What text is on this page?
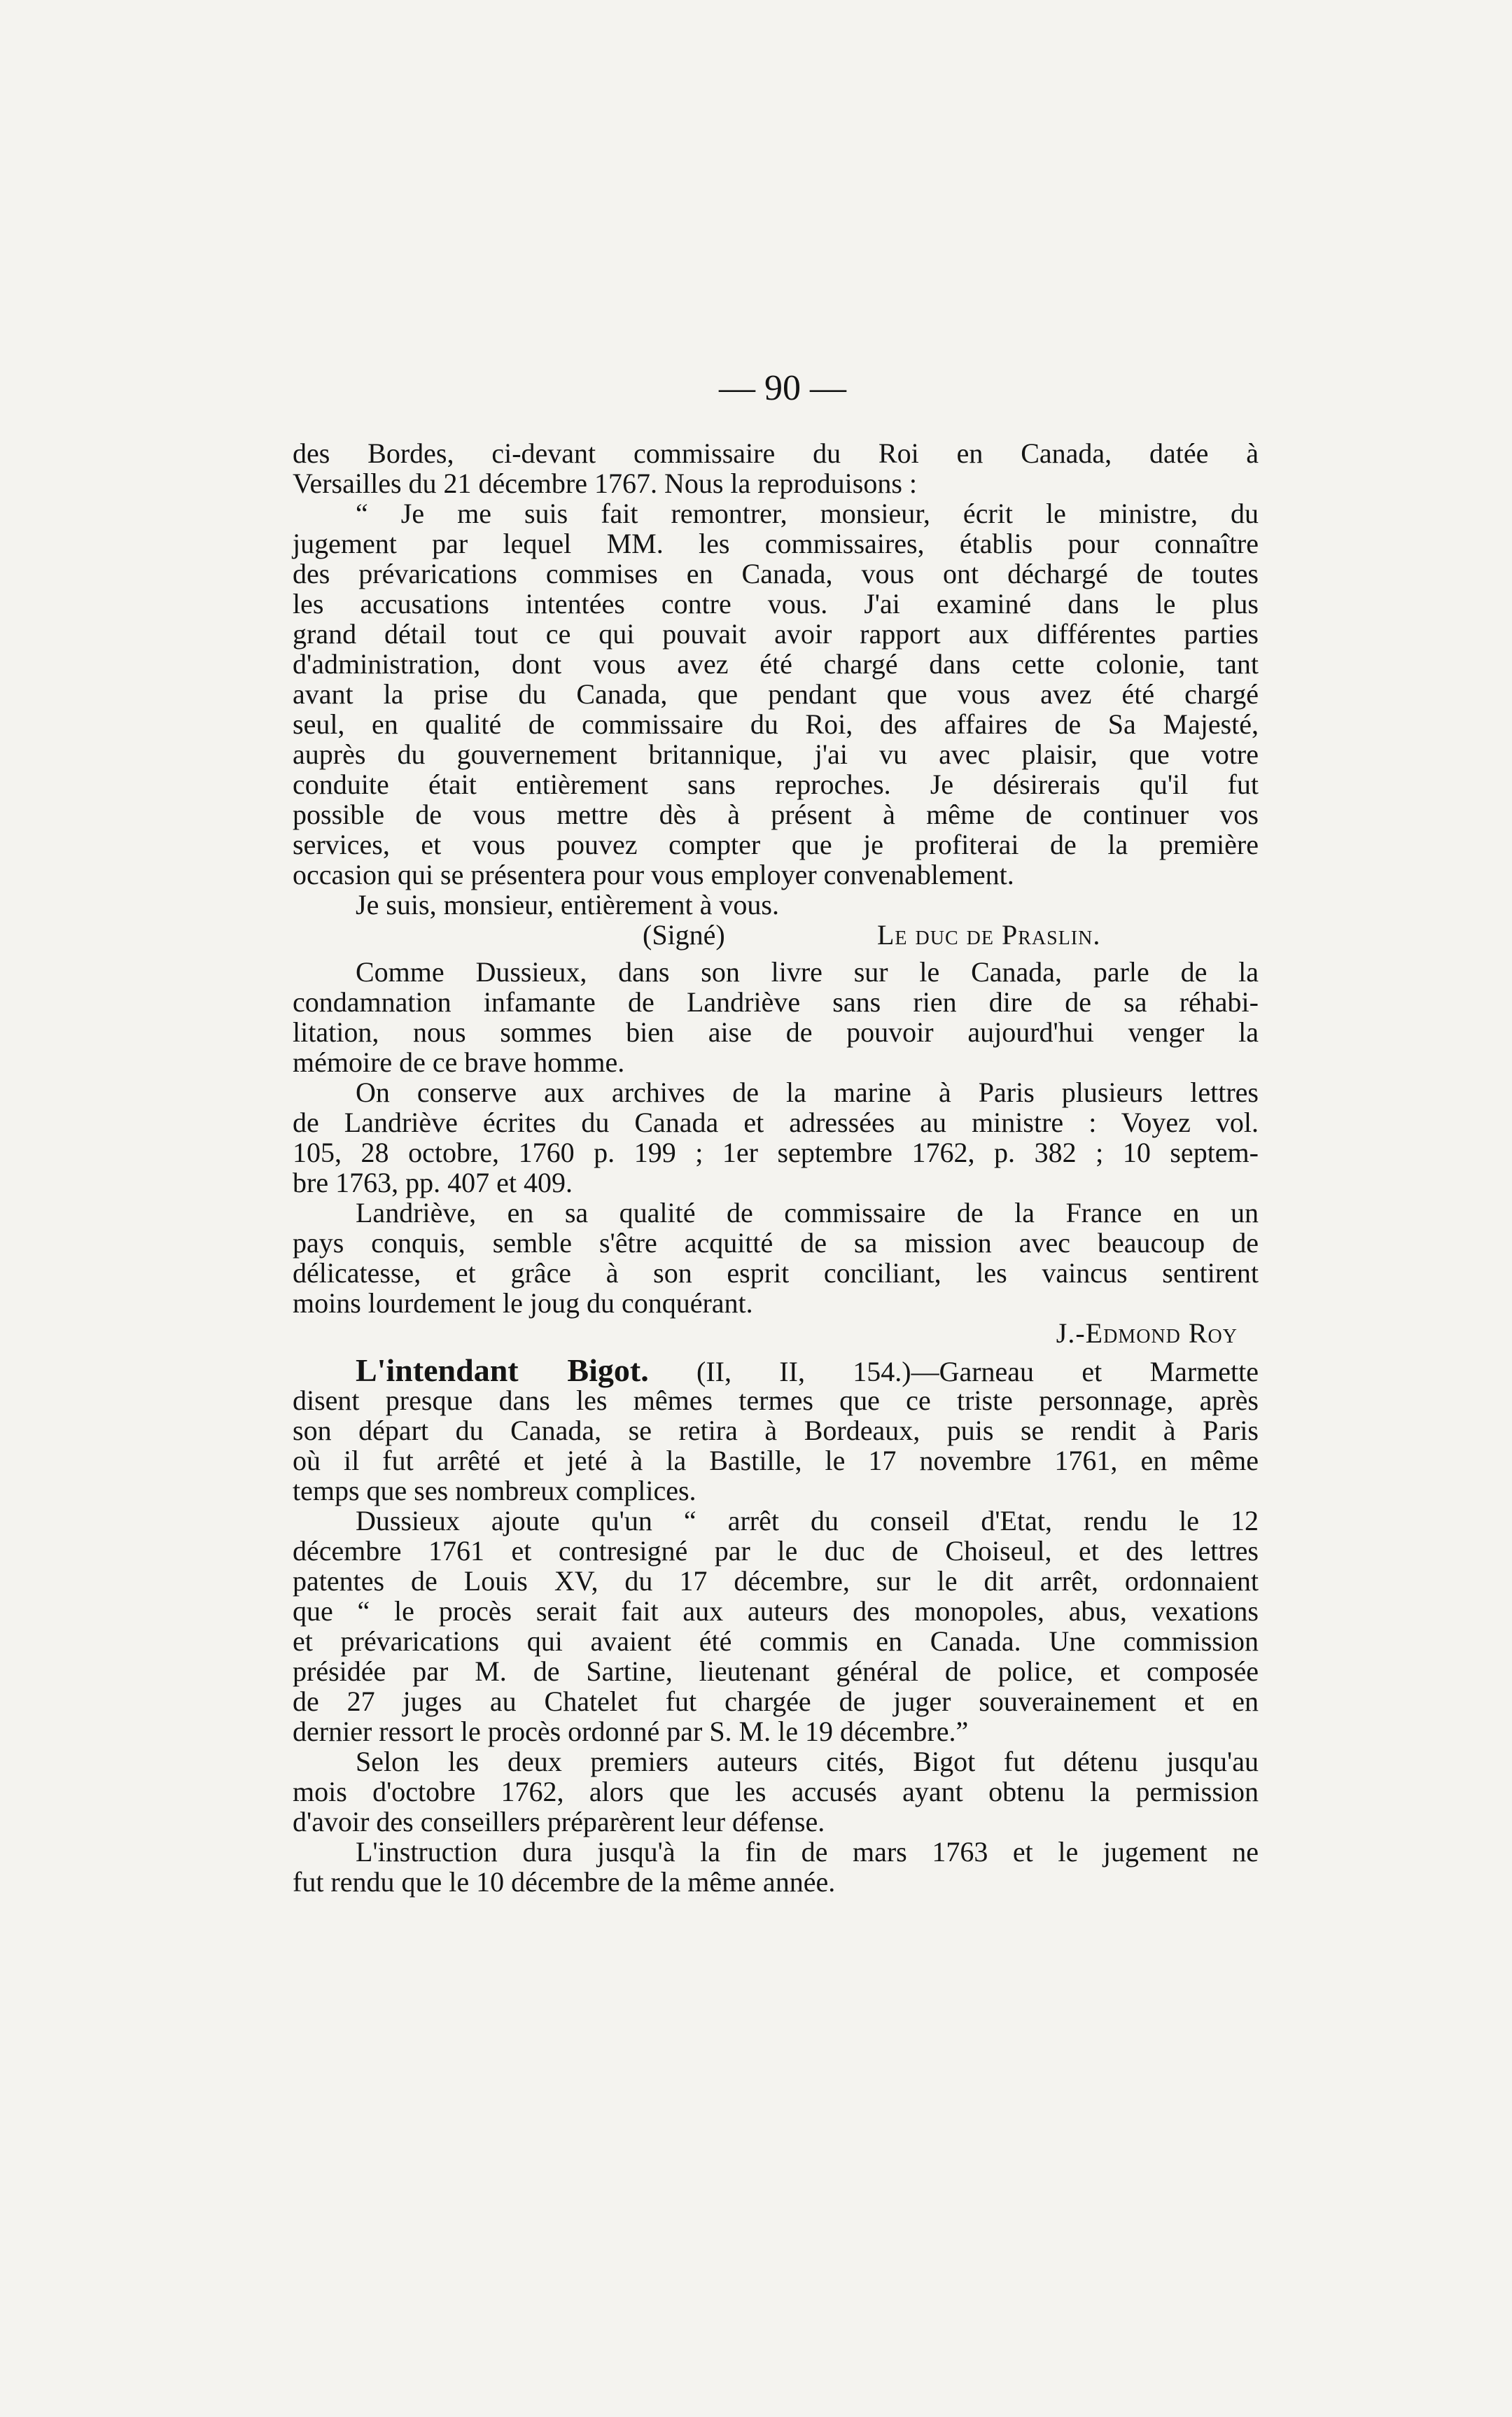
— 90 —
des Bordes, ci-devant commissaire du Roi en Canada, datée à
Versailles du 21 décembre 1767. Nous la reproduisons :
“ Je me suis fait remontrer, monsieur, écrit le ministre, du
jugement par lequel MM. les commissaires, établis pour connaître
des prévarications commises en Canada, vous ont déchargé de toutes
les accusations intentées contre vous. J'ai examiné dans le plus
grand détail tout ce qui pouvait avoir rapport aux différentes parties
d'administration, dont vous avez été chargé dans cette colonie, tant
avant la prise du Canada, que pendant que vous avez été chargé
seul, en qualité de commissaire du Roi, des affaires de Sa Majesté,
auprès du gouvernement britannique, j'ai vu avec plaisir, que votre
conduite était entièrement sans reproches. Je désirerais qu'il fut
possible de vous mettre dès à présent à même de continuer vos
services, et vous pouvez compter que je profiterai de la première
occasion qui se présentera pour vous employer convenablement.
Je suis, monsieur, entièrement à vous.
(Signé)	Le duc de Praslin.
Comme Dussieux, dans son livre sur le Canada, parle de la
condamnation infamante de Landriève sans rien dire de sa réhabi-
litation, nous sommes bien aise de pouvoir aujourd'hui venger la
mémoire de ce brave homme.
On conserve aux archives de la marine à Paris plusieurs lettres
de Landriève écrites du Canada et adressées au ministre : Voyez vol.
105, 28 octobre, 1760 p. 199 ; 1er septembre 1762, p. 382 ; 10 septem-
bre 1763, pp. 407 et 409.
Landriève, en sa qualité de commissaire de la France en un
pays conquis, semble s'être acquitté de sa mission avec beaucoup de
délicatesse, et grâce à son esprit conciliant, les vaincus sentirent
moins lourdement le joug du conquérant.
J.-Edmond Roy
L'intendant Bigot. (II, II, 154.)—Garneau et Marmette
disent presque dans les mêmes termes que ce triste personnage, après
son départ du Canada, se retira à Bordeaux, puis se rendit à Paris
où il fut arrêté et jeté à la Bastille, le 17 novembre 1761, en même
temps que ses nombreux complices.
Dussieux ajoute qu'un “ arrêt du conseil d'Etat, rendu le 12
décembre 1761 et contresigné par le duc de Choiseul, et des lettres
patentes de Louis XV, du 17 décembre, sur le dit arrêt, ordonnaient
que “ le procès serait fait aux auteurs des monopoles, abus, vexations
et prévarications qui avaient été commis en Canada. Une commission
présidée par M. de Sartine, lieutenant général de police, et composée
de 27 juges au Chatelet fut chargée de juger souverainement et en
dernier ressort le procès ordonné par S. M. le 19 décembre.”
Selon les deux premiers auteurs cités, Bigot fut détenu jusqu'au
mois d'octobre 1762, alors que les accusés ayant obtenu la permission
d'avoir des conseillers préparèrent leur défense.
L'instruction dura jusqu'à la fin de mars 1763 et le jugement ne
fut rendu que le 10 décembre de la même année.
